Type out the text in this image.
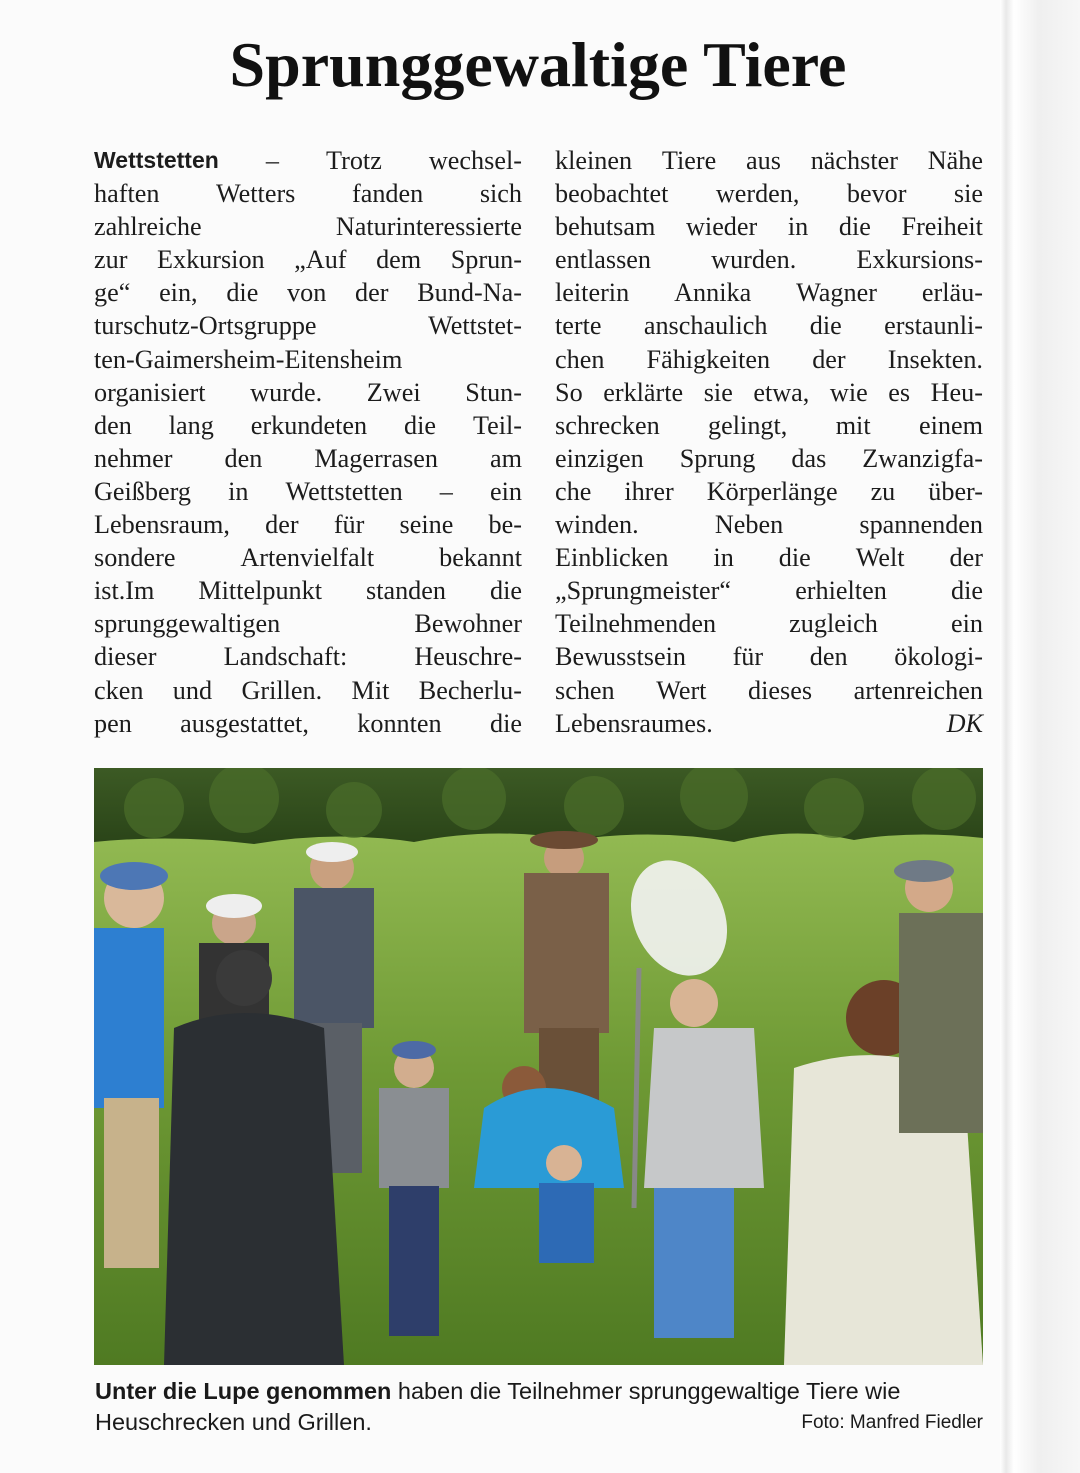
Sprunggewaltige Tiere
Wettstetten – Trotz wechsel-
haften Wetters fanden sich
zahlreiche	Naturinteressierte
zur Exkursion „Auf dem Sprun-
ge“ ein, die von der Bund-Na-
turschutz-Ortsgruppe	Wettstet-
ten-Gaimersheim-Eitensheim
organisiert wurde. Zwei Stun-
den lang erkundeten die Teil-
nehmer den Magerrasen am
Geißberg in Wettstetten – ein
Lebensraum, der für seine be-
sondere Artenvielfalt bekannt
ist.Im Mittelpunkt standen die
sprunggewaltigen	Bewohner
dieser	Landschaft:	Heuschre-
cken und Grillen. Mit Becherlu-
pen ausgestattet, konnten die
kleinen Tiere aus nächster Nähe
beobachtet werden, bevor sie
behutsam wieder in die Freiheit
entlassen wurden. Exkursions-
leiterin Annika Wagner erläu-
terte anschaulich die erstaunli-
chen Fähigkeiten der Insekten.
So erklärte sie etwa, wie es Heu-
schrecken gelingt, mit einem
einzigen Sprung das Zwanzigfa-
che ihrer Körperlänge zu über-
winden.	Neben	spannenden
Einblicken in die Welt der
„Sprungmeister“ erhielten die
Teilnehmenden	zugleich	ein
Bewusstsein für den ökologi-
schen Wert dieses artenreichen
Lebensraumes.	DK
Unter die Lupe genommen haben die Teilnehmer sprunggewaltige Tiere wie Heuschrecken und Grillen.	Foto: Manfred Fiedler
